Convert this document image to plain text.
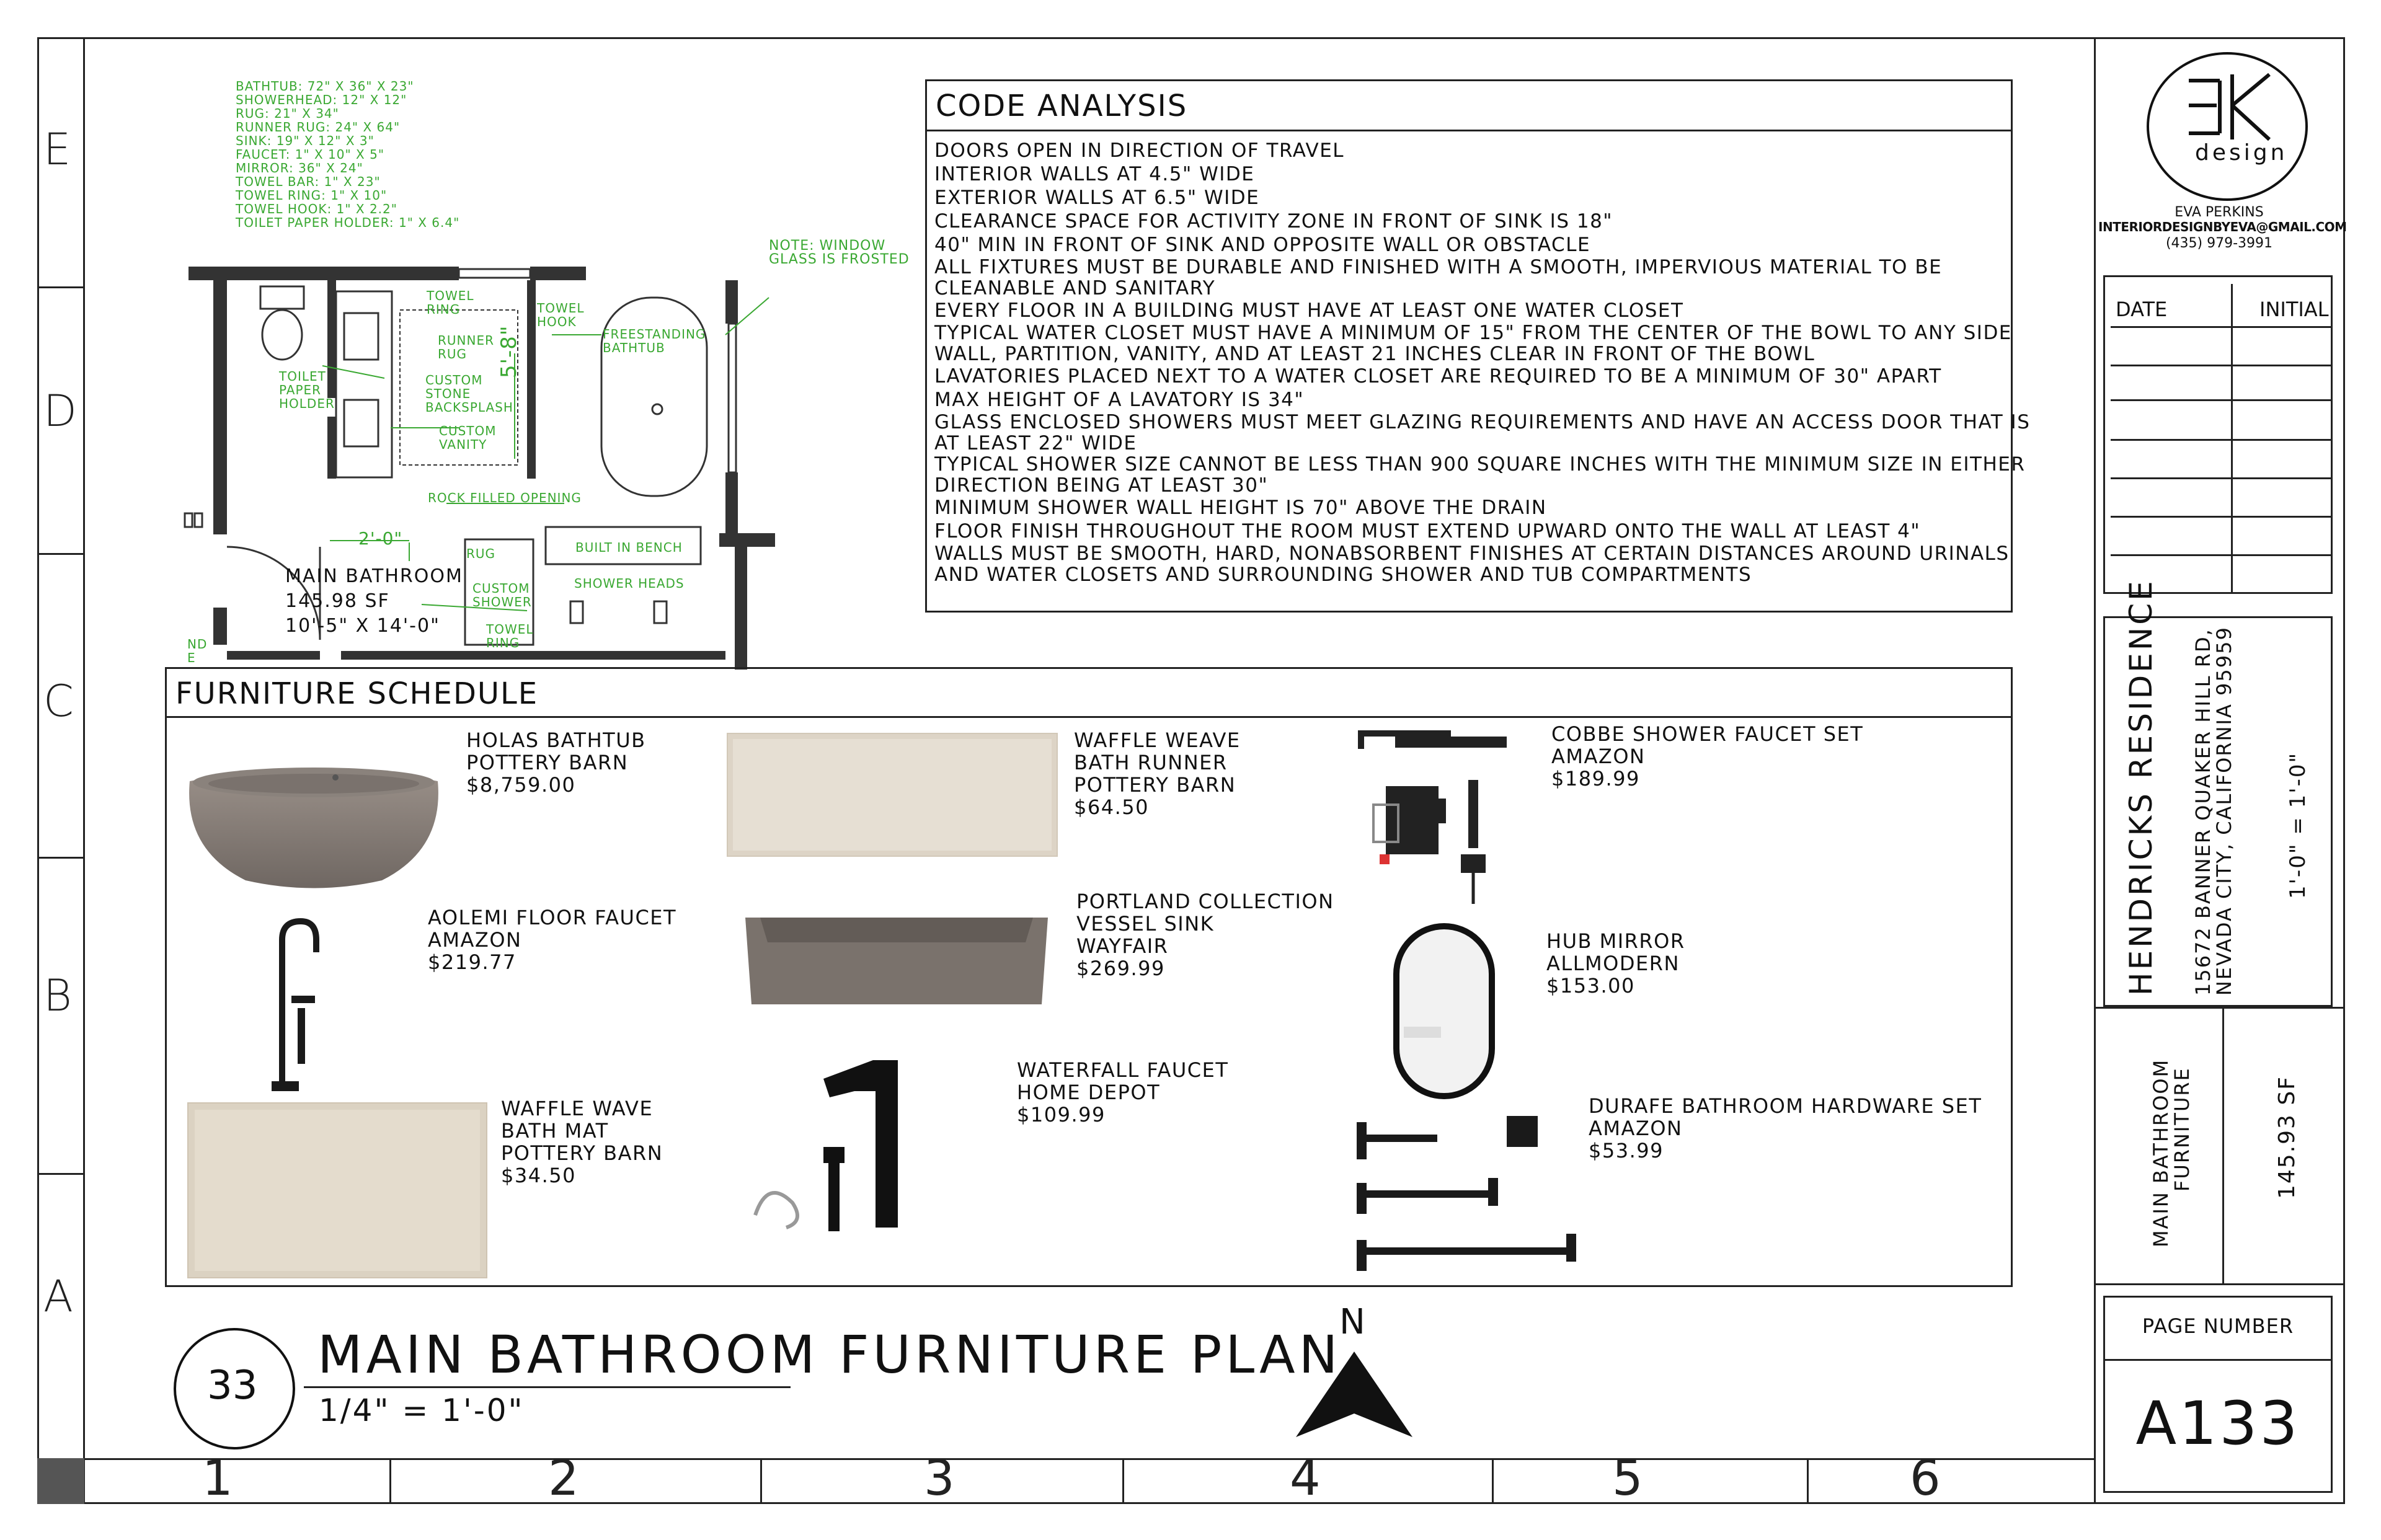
E
D
C
B
A
1	2	3	4	5	6
BATHTUB: 72" X 36" X 23"
SHOWERHEAD: 12" X 12"
RUG: 21" X 34"
RUNNER RUG: 24" X 64"
SINK: 19" X 12" X 3"
FAUCET: 1" X 10" X 5"
MIRROR: 36" X 24"
TOWEL BAR: 1" X 23"
TOWEL RING: 1" X 10"
TOWEL HOOK: 1" X 2.2"
TOILET PAPER HOLDER: 1" X 6.4"
NOTE: WINDOW
GLASS IS FROSTED
TOWEL
RING	TOWEL
HOOK
FREESTANDING
BATHTUB
RUNNER
RUG
TOILET
PAPER
HOLDER
CUSTOM
STONE
BACKSPLASH
CUSTOM
VANITY
5'-8"
ROCK FILLED OPENING
2'-0"
RUG	BUILT IN BENCH
CUSTOM
SHOWER
SHOWER HEADS
TOWEL
RING
ND
E
MAIN BATHROOM
145.98 SF
10'-5" X 14'-0"
CODE ANALYSIS
DOORS OPEN IN DIRECTION OF TRAVEL
INTERIOR WALLS AT 4.5" WIDE
EXTERIOR WALLS AT 6.5" WIDE
CLEARANCE SPACE FOR ACTIVITY ZONE IN FRONT OF SINK IS 18"
40" MIN IN FRONT OF SINK AND OPPOSITE WALL OR OBSTACLE
ALL FIXTURES MUST BE DURABLE AND FINISHED WITH A SMOOTH, IMPERVIOUS MATERIAL TO BE
CLEANABLE AND SANITARY
EVERY FLOOR IN A BUILDING MUST HAVE AT LEAST ONE WATER CLOSET
TYPICAL WATER CLOSET MUST HAVE A MINIMUM OF 15" FROM THE CENTER OF THE BOWL TO ANY SIDE
WALL, PARTITION, VANITY, AND AT LEAST 21 INCHES CLEAR IN FRONT OF THE BOWL
LAVATORIES PLACED NEXT TO A WATER CLOSET ARE REQUIRED TO BE A MINIMUM OF 30" APART
MAX HEIGHT OF A LAVATORY IS 34"
GLASS ENCLOSED SHOWERS MUST MEET GLAZING REQUIREMENTS AND HAVE AN ACCESS DOOR THAT IS
AT LEAST 22" WIDE
TYPICAL SHOWER SIZE CANNOT BE LESS THAN 900 SQUARE INCHES WITH THE MINIMUM SIZE IN EITHER
DIRECTION BEING AT LEAST 30"
MINIMUM SHOWER WALL HEIGHT IS 70" ABOVE THE DRAIN
FLOOR FINISH THROUGHOUT THE ROOM MUST EXTEND UPWARD ONTO THE WALL AT LEAST 4"
WALLS MUST BE SMOOTH, HARD, NONABSORBENT FINISHES AT CERTAIN DISTANCES AROUND URINALS
AND WATER CLOSETS AND SURROUNDING SHOWER AND TUB COMPARTMENTS
FURNITURE SCHEDULE
HOLAS BATHTUB
POTTERY BARN
$8,759.00
WAFFLE WEAVE
BATH RUNNER
POTTERY BARN
$64.50
COBBE SHOWER FAUCET SET
AMAZON
$189.99
AOLEMI FLOOR FAUCET
AMAZON
$219.77
PORTLAND COLLECTION
VESSEL SINK
WAYFAIR
$269.99
HUB MIRROR
ALLMODERN
$153.00
WAFFLE WAVE
BATH MAT
POTTERY BARN
$34.50
WATERFALL FAUCET
HOME DEPOT
$109.99	DURAFE BATHROOM HARDWARE SET
AMAZON
$53.99
33
MAIN BATHROOM FURNITURE PLAN
1/4" = 1'-0"
N
design
EVA PERKINS
INTERIORDESIGNBYEVA@GMAIL.COM
(435) 979-3991
DATE	INITIAL
HENDRICKS RESIDENCE 15672 BANNER QUAKER HILL RD,
NEVADA CITY, CALIFORNIA 95959 1'-0" = 1'-0"
MAIN BATHROOM
FURNITURE	145.93 SF
PAGE NUMBER
A133
